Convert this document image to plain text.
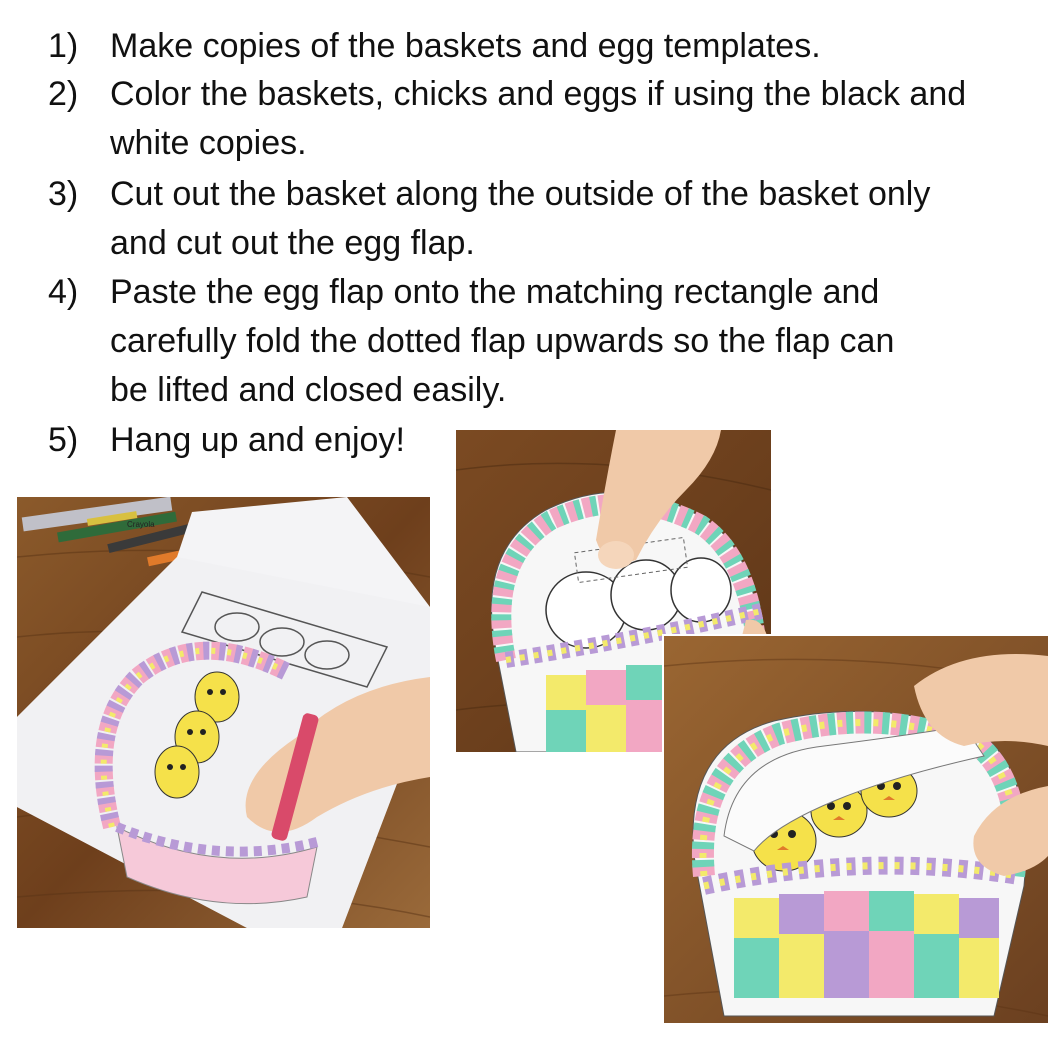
1) Make copies of the baskets and egg templates.
2) Color the baskets, chicks and eggs if using the black and
white copies.
3) Cut out the basket along the outside of the basket only
and cut out the egg flap.
4) Paste the egg flap onto the matching rectangle and
carefully fold the dotted flap upwards so the flap can
be lifted and closed easily.
5) Hang up and enjoy!
Crayola
